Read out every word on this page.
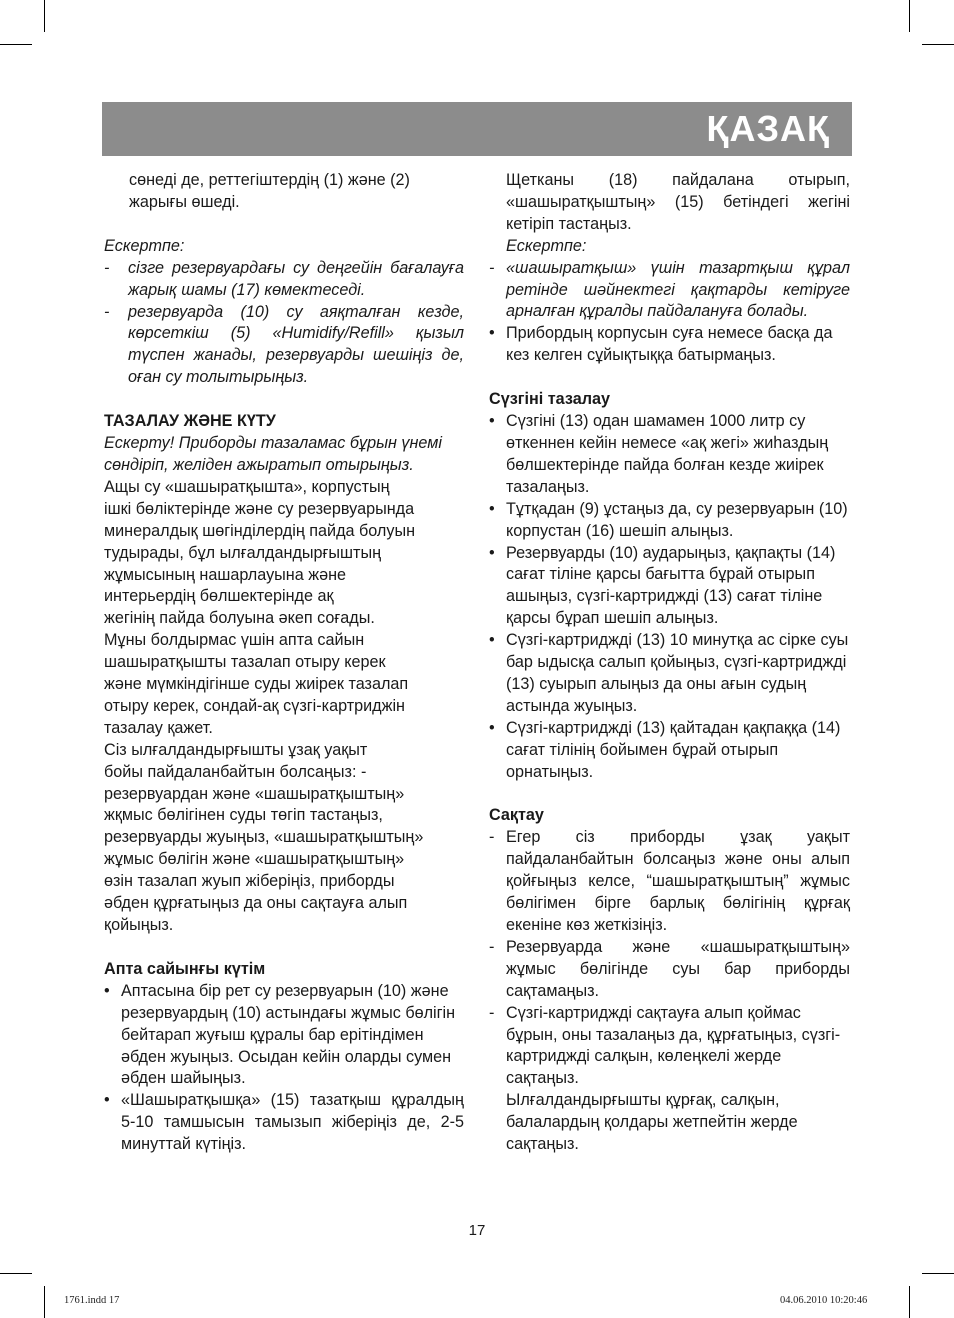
ҚАЗАҚ

сөнеді де, реттегіштердің (1) және (2) жарығы өшеді.

Ескертпе:

-	сізге резервуардағы су деңгейін бағалауға жарық шамы (17) көмектеседі.
-	резервуарда (10) су аяқталған кезде, көрсеткіш (5) «Humidify/Refill» қызыл түспен жанады, резервуарды шешіңіз де, оған су толытырыңыз.

ТАЗАЛАУ ЖӘНЕ КҮТУ

Ескерту! Приборды тазаламас бұрын үнемі сөндіріп, желіден ажыратып отырыңыз.

Ащы су «шашыратқышта», корпустың
ішкі бөліктерінде және су резервуарында
минералдық шөгінділердің пайда болуын
тудырады, бұл ылғалдандырғыштың
жұмысының нашарлауына және
интерьердің бөлшектерінде ақ
жегінің пайда болуына әкеп соғады.
Мұны болдырмас үшін апта сайын
шашыратқышты тазалап отыру керек
және мүмкіндігінше суды жиірек тазалап
отыру керек, сондай-ақ сүзгі-картриджін
тазалау қажет.
Сіз ылғалдандырғышты ұзақ уақыт
бойы пайдаланбайтын болсаңыз: -
резервуардан және «шашыратқыштың»
жқмыс бөлігінен суды төгіп тастаңыз,
резервуарды жуыңыз, «шашыратқыштың»
жұмыс бөлігін және «шашыратқыштың»
өзін тазалап жуып жіберіңіз, приборды
әбден құрғатыңыз да оны сақтауға алып
қойыңыз.

Апта сайынғы күтім

• Аптасына бір рет су резервуарын (10) және резервуардың (10) астындағы жұмыс бөлігін бейтарап жуғыш құралы бар ерітіндімен әбден жуыңыз. Осыдан кейін оларды сумен әбден шайыңыз.
• «Шашыратқышқа» (15) тазатқыш құралдың 5-10 тамшысын тамызып жіберіңіз де, 2-5 минуттай күтіңіз.

Щетканы (18) пайдалана отырып, «шашыратқыштың» (15) бетіндегі жегіні кетіріп тастаңыз.

Ескертпе:

- «шашыратқыш» үшін тазартқыш құрал ретінде шәйнектегі қақтарды кетіруге арналған құралды пайдалануға болады.
• Прибордың корпусын суға немесе басқа да кез келген сұйықтыққа батырмаңыз.

Сүзгіні тазалау

• Сүзгіні (13) одан шамамен 1000 литр су өткеннен кейін немесе «ақ жегі» жиһаздың бөлшектерінде пайда болған кезде жиірек тазалаңыз.
• Тұтқадан (9) ұстаңыз да, су резервуарын (10) корпустан (16) шешіп алыңыз.
• Резервуарды (10) аударыңыз, қақпақты (14) сағат тіліне қарсы бағытта бұрай отырып ашыңыз, сүзгі-картриджді (13) сағат тіліне қарсы бұрап шешіп алыңыз.
• Сүзгі-картриджді (13) 10 минутқа ас сірке суы бар ыдысқа салып қойыңыз, сүзгі-картриджді (13) суырып алыңыз да оны ағын судың астында жуыңыз.
• Сүзгі-картриджді (13) қайтадан қақпаққа (14) сағат тілінің бойымен бұрай отырып орнатыңыз.

Сақтау

- Егер сіз приборды ұзақ уақыт пайдаланбайтын болсаңыз және оны алып қойғыңыз келсе, “шашыратқыштың” жұмыс бөлігімен бірге барлық бөлігінің құрғақ екеніне көз жеткізіңіз.
- Резервуарда және «шашыратқыштың» жұмыс бөлігінде суы бар приборды сақтамаңыз.
- Сүзгі-картриджді сақтауға алып қоймас бұрын, оны тазалаңыз да, құрғатыңыз, сүзгі-картриджді салқын, көлеңкелі жерде сақтаңыз.

Ылғалдандырғышты құрғақ, салқын, балалардың қолдары жетпейтін жерде сақтаңыз.

17
1761.indd 17	04.06.2010 10:20:46
